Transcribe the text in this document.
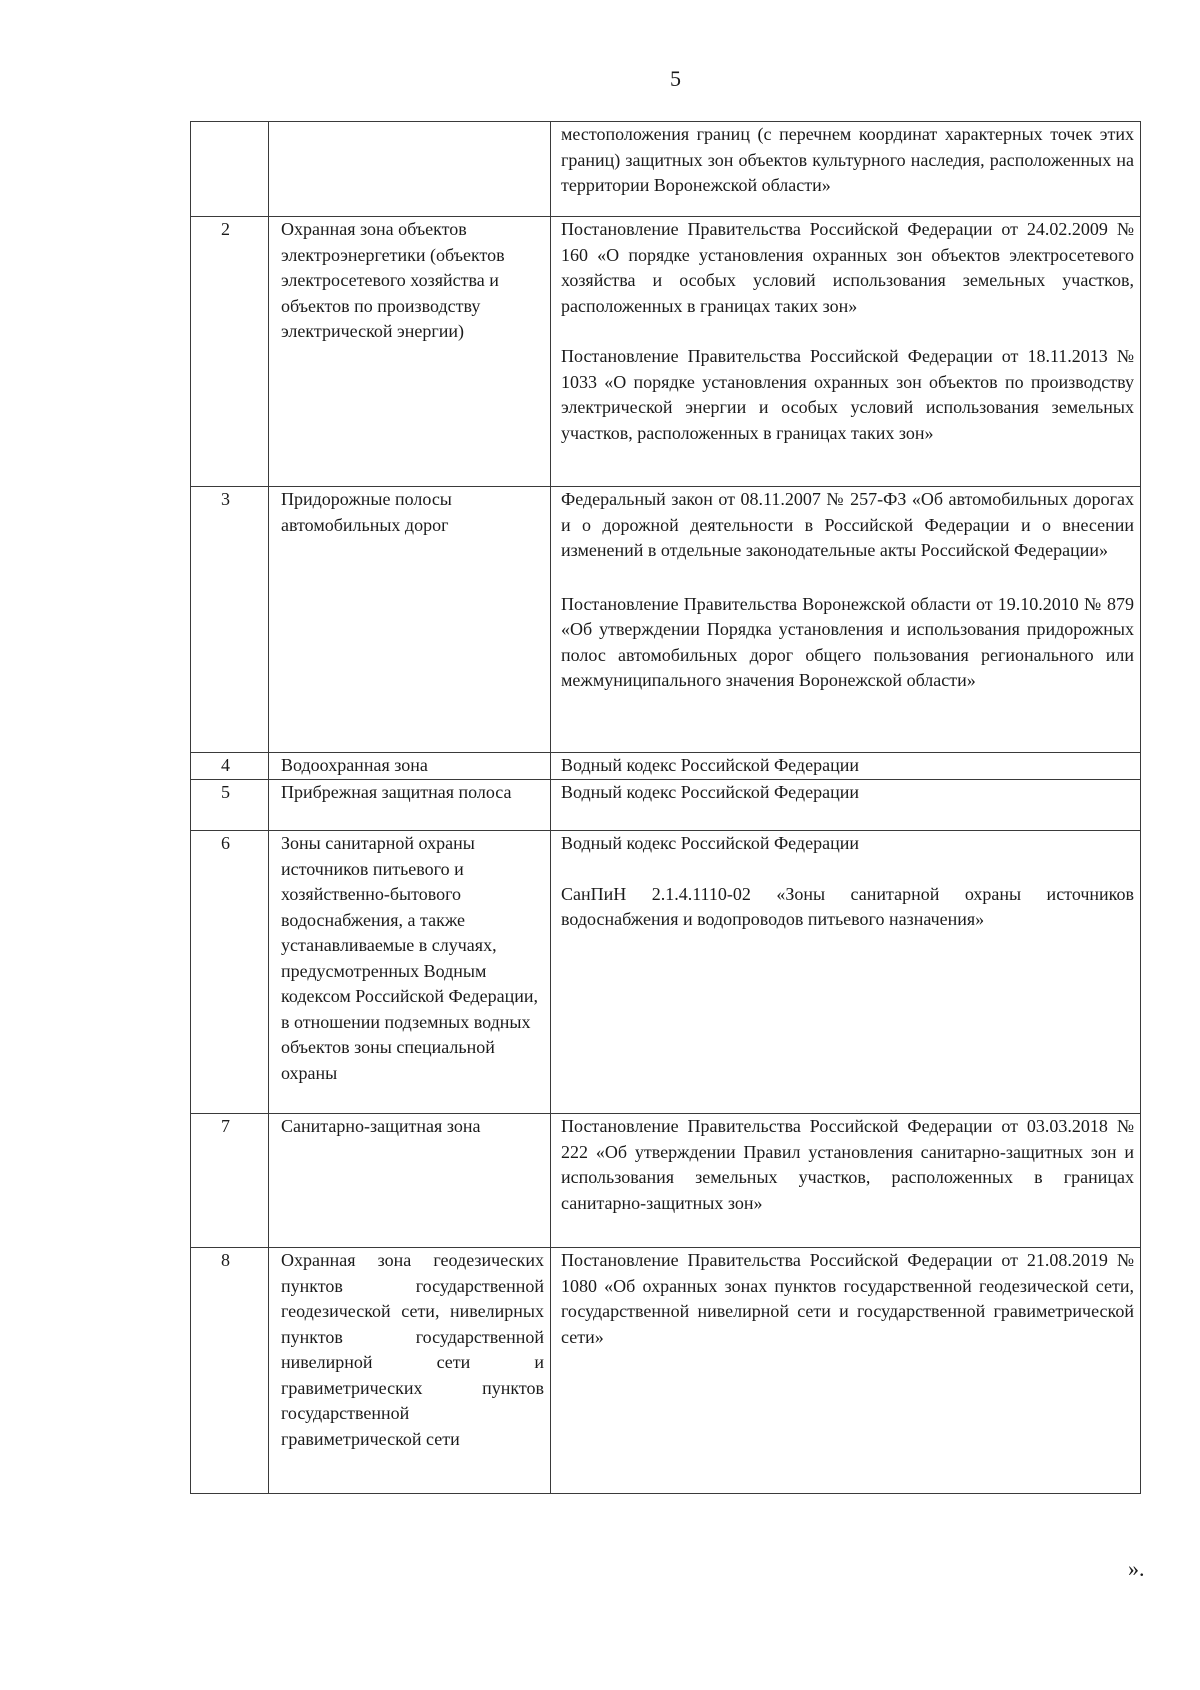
5

		местоположения границ (с перечнем координат характерных точек этих границ) защитных зон объектов культурного наследия, расположенных на территории Воронежской области»

2	Охранная зона объектов электроэнергетики (объектов электросетевого хозяйства и объектов по производству электрической энергии)	Постановление Правительства Российской Федерации от 24.02.2009 № 160 «О порядке установления охранных зон объектов электросетевого хозяйства и особых условий использования земельных участков, расположенных в границах таких зон»

Постановление Правительства Российской Федерации от 18.11.2013 № 1033 «О порядке установления охранных зон объектов по производству электрической энергии и особых условий использования земельных участков, расположенных в границах таких зон»

3	Придорожные полосы автомобильных дорог	Федеральный закон от 08.11.2007 № 257-ФЗ «Об автомобильных дорогах и о дорожной деятельности в Российской Федерации и о внесении изменений в отдельные законодательные акты Российской Федерации»

Постановление Правительства Воронежской области от 19.10.2010 № 879 «Об утверждении Порядка установления и использования придорожных полос автомобильных дорог общего пользования регионального или межмуниципального значения Воронежской области»

4	Водоохранная зона	Водный кодекс Российской Федерации

5	Прибрежная защитная полоса	Водный кодекс Российской Федерации

6	Зоны санитарной охраны источников питьевого и хозяйственно-бытового водоснабжения, а также устанавливаемые в случаях, предусмотренных Водным кодексом Российской Федерации, в отношении подземных водных объектов зоны специальной охраны	Водный кодекс Российской Федерации

СанПиН 2.1.4.1110-02 «Зоны санитарной охраны источников водоснабжения и водопроводов питьевого назначения»

7	Санитарно-защитная зона	Постановление Правительства Российской Федерации от 03.03.2018 № 222 «Об утверждении Правил установления санитарно-защитных зон и использования земельных участков, расположенных в границах санитарно-защитных зон»

8	Охранная зона геодезических пунктов государственной геодезической сети, нивелирных пунктов государственной нивелирной сети и гравиметрических пунктов государственной гравиметрической сети	Постановление Правительства Российской Федерации от 21.08.2019 № 1080 «Об охранных зонах пунктов государственной геодезической сети, государственной нивелирной сети и государственной гравиметрической сети»

».
